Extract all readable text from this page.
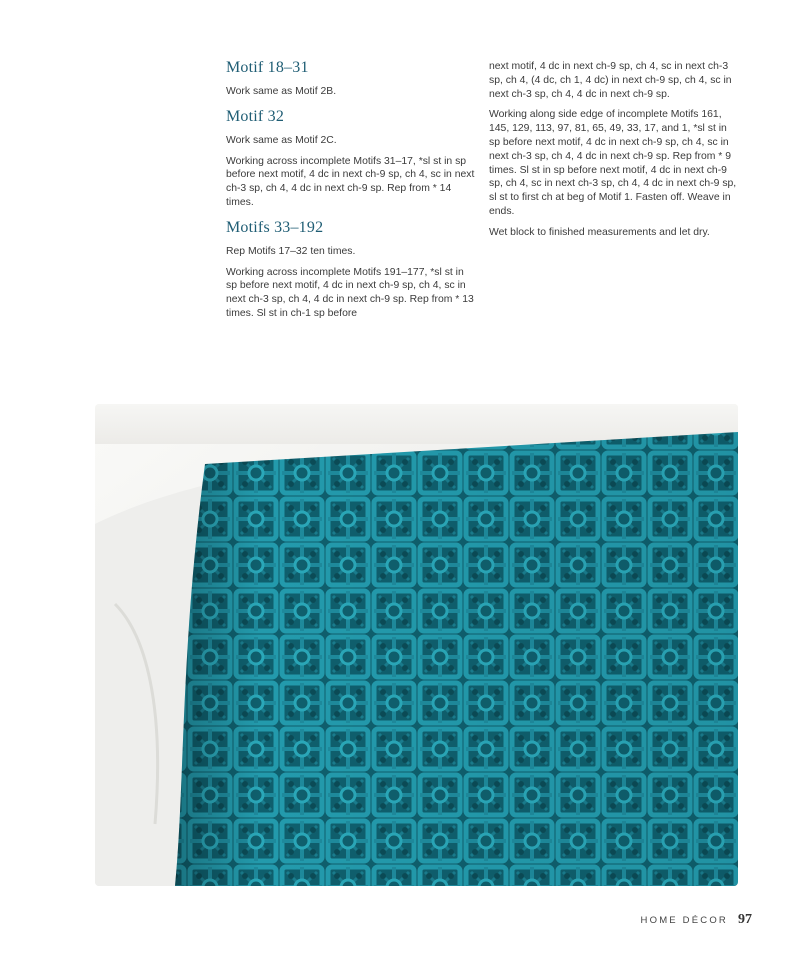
Motif 18–31

Work same as Motif 2B.

Motif 32

Work same as Motif 2C.

Working across incomplete Motifs 31–17, *sl st in sp before next motif, 4 dc in next ch-9 sp, ch 4, sc in next ch-3 sp, ch 4, 4 dc in next ch-9 sp. Rep from * 14 times.

Motifs 33–192

Rep Motifs 17–32 ten times.

Working across incomplete Motifs 191–177, *sl st in sp before next motif, 4 dc in next ch-9 sp, ch 4, sc in next ch-3 sp, ch 4, 4 dc in next ch-9 sp. Rep from * 13 times. Sl st in ch-1 sp before

next motif, 4 dc in next ch-9 sp, ch 4, sc in next ch-3 sp, ch 4, (4 dc, ch 1, 4 dc) in next ch-9 sp, ch 4, sc in next ch-3 sp, ch 4, 4 dc in next ch-9 sp.

Working along side edge of incomplete Motifs 161, 145, 129, 113, 97, 81, 65, 49, 33, 17, and 1, *sl st in sp before next motif, 4 dc in next ch-9 sp, ch 4, sc in next ch-3 sp, ch 4, 4 dc in next ch-9 sp. Rep from * 9 times. Sl st in sp before next motif, 4 dc in next ch-9 sp, ch 4, sc in next ch-3 sp, ch 4, 4 dc in next ch-9 sp, sl st to first ch at beg of Motif 1. Fasten off. Weave in ends.

Wet block to finished measurements and let dry.

HOME DÉCOR 97
